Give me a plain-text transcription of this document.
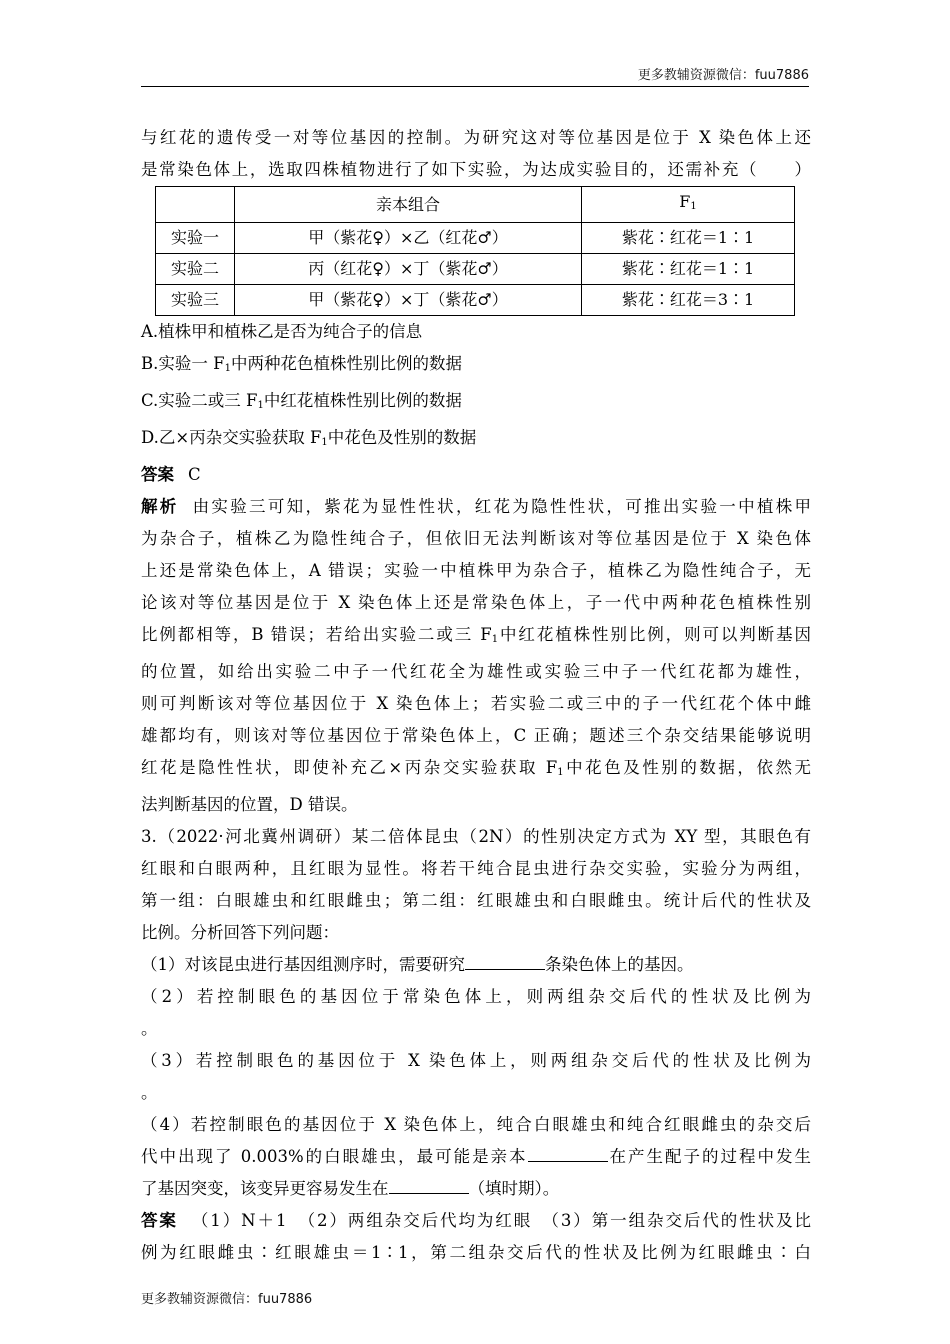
更多教辅资源微信：fuu7886

与红花的遗传受一对等位基因的控制。为研究这对等位基因是位于 X 染色体上还

是常染色体上，选取四株植物进行了如下实验，为达成实验目的，还需补充（　　）

	亲本组合	$F_1$
实验一	甲（紫花♀）×乙（红花♂）	紫花∶红花＝1∶1
实验二	丙（红花♀）×丁（紫花♂）	紫花∶红花＝1∶1
实验三	甲（紫花♀）×丁（紫花♂）	紫花∶红花＝3∶1

A.植株甲和植株乙是否为纯合子的信息

B.实验一 $F_1$中两种花色植株性别比例的数据

C.实验二或三 $F_1$中红花植株性别比例的数据

D.乙×丙杂交实验获取 $F_1$中花色及性别的数据

答案 C

解析 由实验三可知，紫花为显性性状，红花为隐性性状，可推出实验一中植株甲

为杂合子，植株乙为隐性纯合子，但依旧无法判断该对等位基因是位于 X 染色体

上还是常染色体上，A 错误；实验一中植株甲为杂合子，植株乙为隐性纯合子，无

论该对等位基因是位于 X 染色体上还是常染色体上，子一代中两种花色植株性别

比例都相等，B 错误；若给出实验二或三 $F_1$中红花植株性别比例，则可以判断基因

的位置，如给出实验二中子一代红花全为雄性或实验三中子一代红花都为雄性，

则可判断该对等位基因位于 X 染色体上；若实验二或三中的子一代红花个体中雌

雄都均有，则该对等位基因位于常染色体上，C 正确；题述三个杂交结果能够说明

红花是隐性性状，即使补充乙×丙杂交实验获取 $F_1$中花色及性别的数据，依然无

法判断基因的位置，D 错误。

3.（2022·河北冀州调研）某二倍体昆虫（2N）的性别决定方式为 XY 型，其眼色有

红眼和白眼两种，且红眼为显性。将若干纯合昆虫进行杂交实验，实验分为两组，

第一组：白眼雄虫和红眼雌虫；第二组：红眼雄虫和白眼雌虫。统计后代的性状及

比例。分析回答下列问题：

（1）对该昆虫进行基因组测序时，需要研究	条染色体上的基因。

（2）若控制眼色的基因位于常染色体上，则两组杂交后代的性状及比例为

。

（3）若控制眼色的基因位于 X 染色体上，则两组杂交后代的性状及比例为

。

（4）若控制眼色的基因位于 X 染色体上，纯合白眼雄虫和纯合红眼雌虫的杂交后

代中出现了 0.003%的白眼雄虫，最可能是亲本	在产生配子的过程中发生

了基因突变，该变异更容易发生在	（填时期）。

答案 （1）N＋1　（2）两组杂交后代均为红眼　（3）第一组杂交后代的性状及比

例为红眼雌虫∶红眼雄虫＝1∶1，第二组杂交后代的性状及比例为红眼雌虫∶白

更多教辅资源微信：fuu7886
